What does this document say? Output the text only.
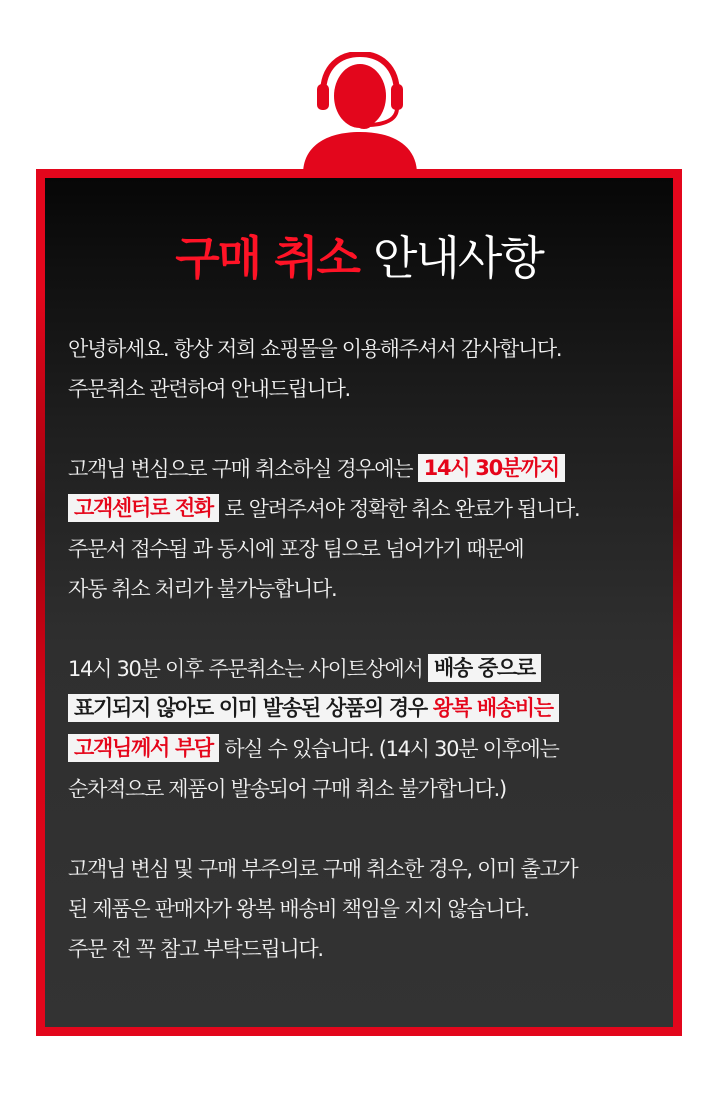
구매 취소 안내사항
안녕하세요. 항상 저희 쇼핑몰을 이용해주셔서 감사합니다.
주문취소 관련하여 안내드립니다.
고객님 변심으로 구매 취소하실 경우에는 14시 30분까지
고객센터로 전화 로 알려주셔야 정확한 취소 완료가 됩니다.
주문서 접수됨 과 동시에 포장 팀으로 넘어가기 때문에
자동 취소 처리가 불가능합니다.
14시 30분 이후 주문취소는 사이트상에서 배송 중으로
표기되지 않아도 이미 발송된 상품의 경우 왕복 배송비는
고객님께서 부담 하실 수 있습니다. (14시 30분 이후에는
순차적으로 제품이 발송되어 구매 취소 불가합니다.)
고객님 변심 및 구매 부주의로 구매 취소한 경우, 이미 출고가
된 제품은 판매자가 왕복 배송비 책임을 지지 않습니다.
주문 전 꼭 참고 부탁드립니다.
